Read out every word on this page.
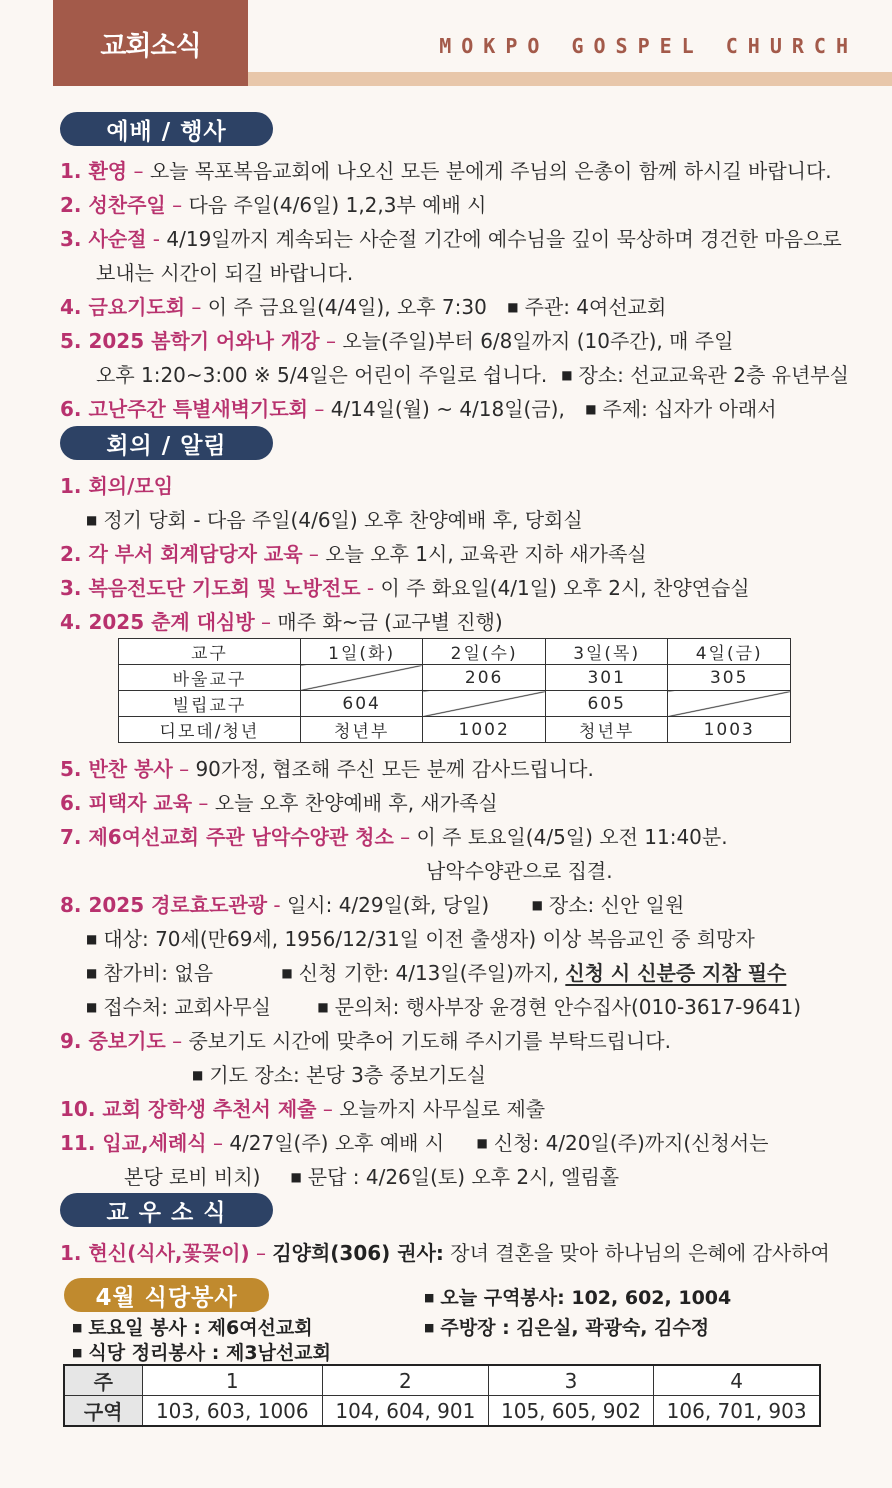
교회소식	MOKPO GOSPEL CHURCH
예배 / 행사
1. 환영 – 오늘 목포복음교회에 나오신 모든 분에게 주님의 은총이 함께 하시길 바랍니다.
2. 성찬주일 – 다음 주일(4/6일) 1,2,3부 예배 시
3. 사순절 - 4/19일까지 계속되는 사순절 기간에 예수님을 깊이 묵상하며 경건한 마음으로
보내는 시간이 되길 바랍니다.
4. 금요기도회 – 이 주 금요일(4/4일), 오후 7:30 ■ 주관: 4여선교회
5. 2025 봄학기 어와나 개강 – 오늘(주일)부터 6/8일까지 (10주간), 매 주일
오후 1:20~3:00 ※ 5/4일은 어린이 주일로 쉽니다. ■ 장소: 선교교육관 2층 유년부실
6. 고난주간 특별새벽기도회 – 4/14일(월) ~ 4/18일(금), ■ 주제: 십자가 아래서
회의 / 알림
1. 회의/모임
■ 정기 당회 - 다음 주일(4/6일) 오후 찬양예배 후, 당회실
2. 각 부서 회계담당자 교육 – 오늘 오후 1시, 교육관 지하 새가족실
3. 복음전도단 기도회 및 노방전도 - 이 주 화요일(4/1일) 오후 2시, 찬양연습실
4. 2025 춘계 대심방 – 매주 화~금 (교구별 진행)
교구	1일(화)	2일(수)	3일(목)	4일(금)
바울교구		206	301	305
빌립교구	604		605	
디모데/청년	청년부	1002	청년부	1003
5. 반찬 봉사 – 90가정, 협조해 주신 모든 분께 감사드립니다.
6. 피택자 교육 – 오늘 오후 찬양예배 후, 새가족실
7. 제6여선교회 주관 남악수양관 청소 – 이 주 토요일(4/5일) 오전 11:40분.
남악수양관으로 집결.
8. 2025 경로효도관광 - 일시: 4/29일(화, 당일)	■ 장소: 신안 일원
■ 대상: 70세(만69세, 1956/12/31일 이전 출생자) 이상 복음교인 중 희망자
■ 참가비: 없음	■ 신청 기한: 4/13일(주일)까지, 신청 시 신분증 지참 필수
■ 접수처: 교회사무실	■ 문의처: 행사부장 윤경현 안수집사(010-3617-9641)
9. 중보기도 – 중보기도 시간에 맞추어 기도해 주시기를 부탁드립니다.
■ 기도 장소: 본당 3층 중보기도실
10. 교회 장학생 추천서 제출 – 오늘까지 사무실로 제출
11. 입교,세례식 – 4/27일(주) 오후 예배 시 ■ 신청: 4/20일(주)까지(신청서는
본당 로비 비치) ■ 문답 : 4/26일(토) 오후 2시, 엘림홀
교 우 소 식
1. 현신(식사,꽃꽂이) – 김양희(306) 권사: 장녀 결혼을 맞아 하나님의 은혜에 감사하여
4월 식당봉사
■ 토요일 봉사 : 제6여선교회
■ 식당 정리봉사 : 제3남선교회
■ 오늘 구역봉사: 102, 602, 1004
■ 주방장 : 김은실, 곽광숙, 김수정
주	1	2	3	4
구역	103, 603, 1006	104, 604, 901	105, 605, 902	106, 701, 903
